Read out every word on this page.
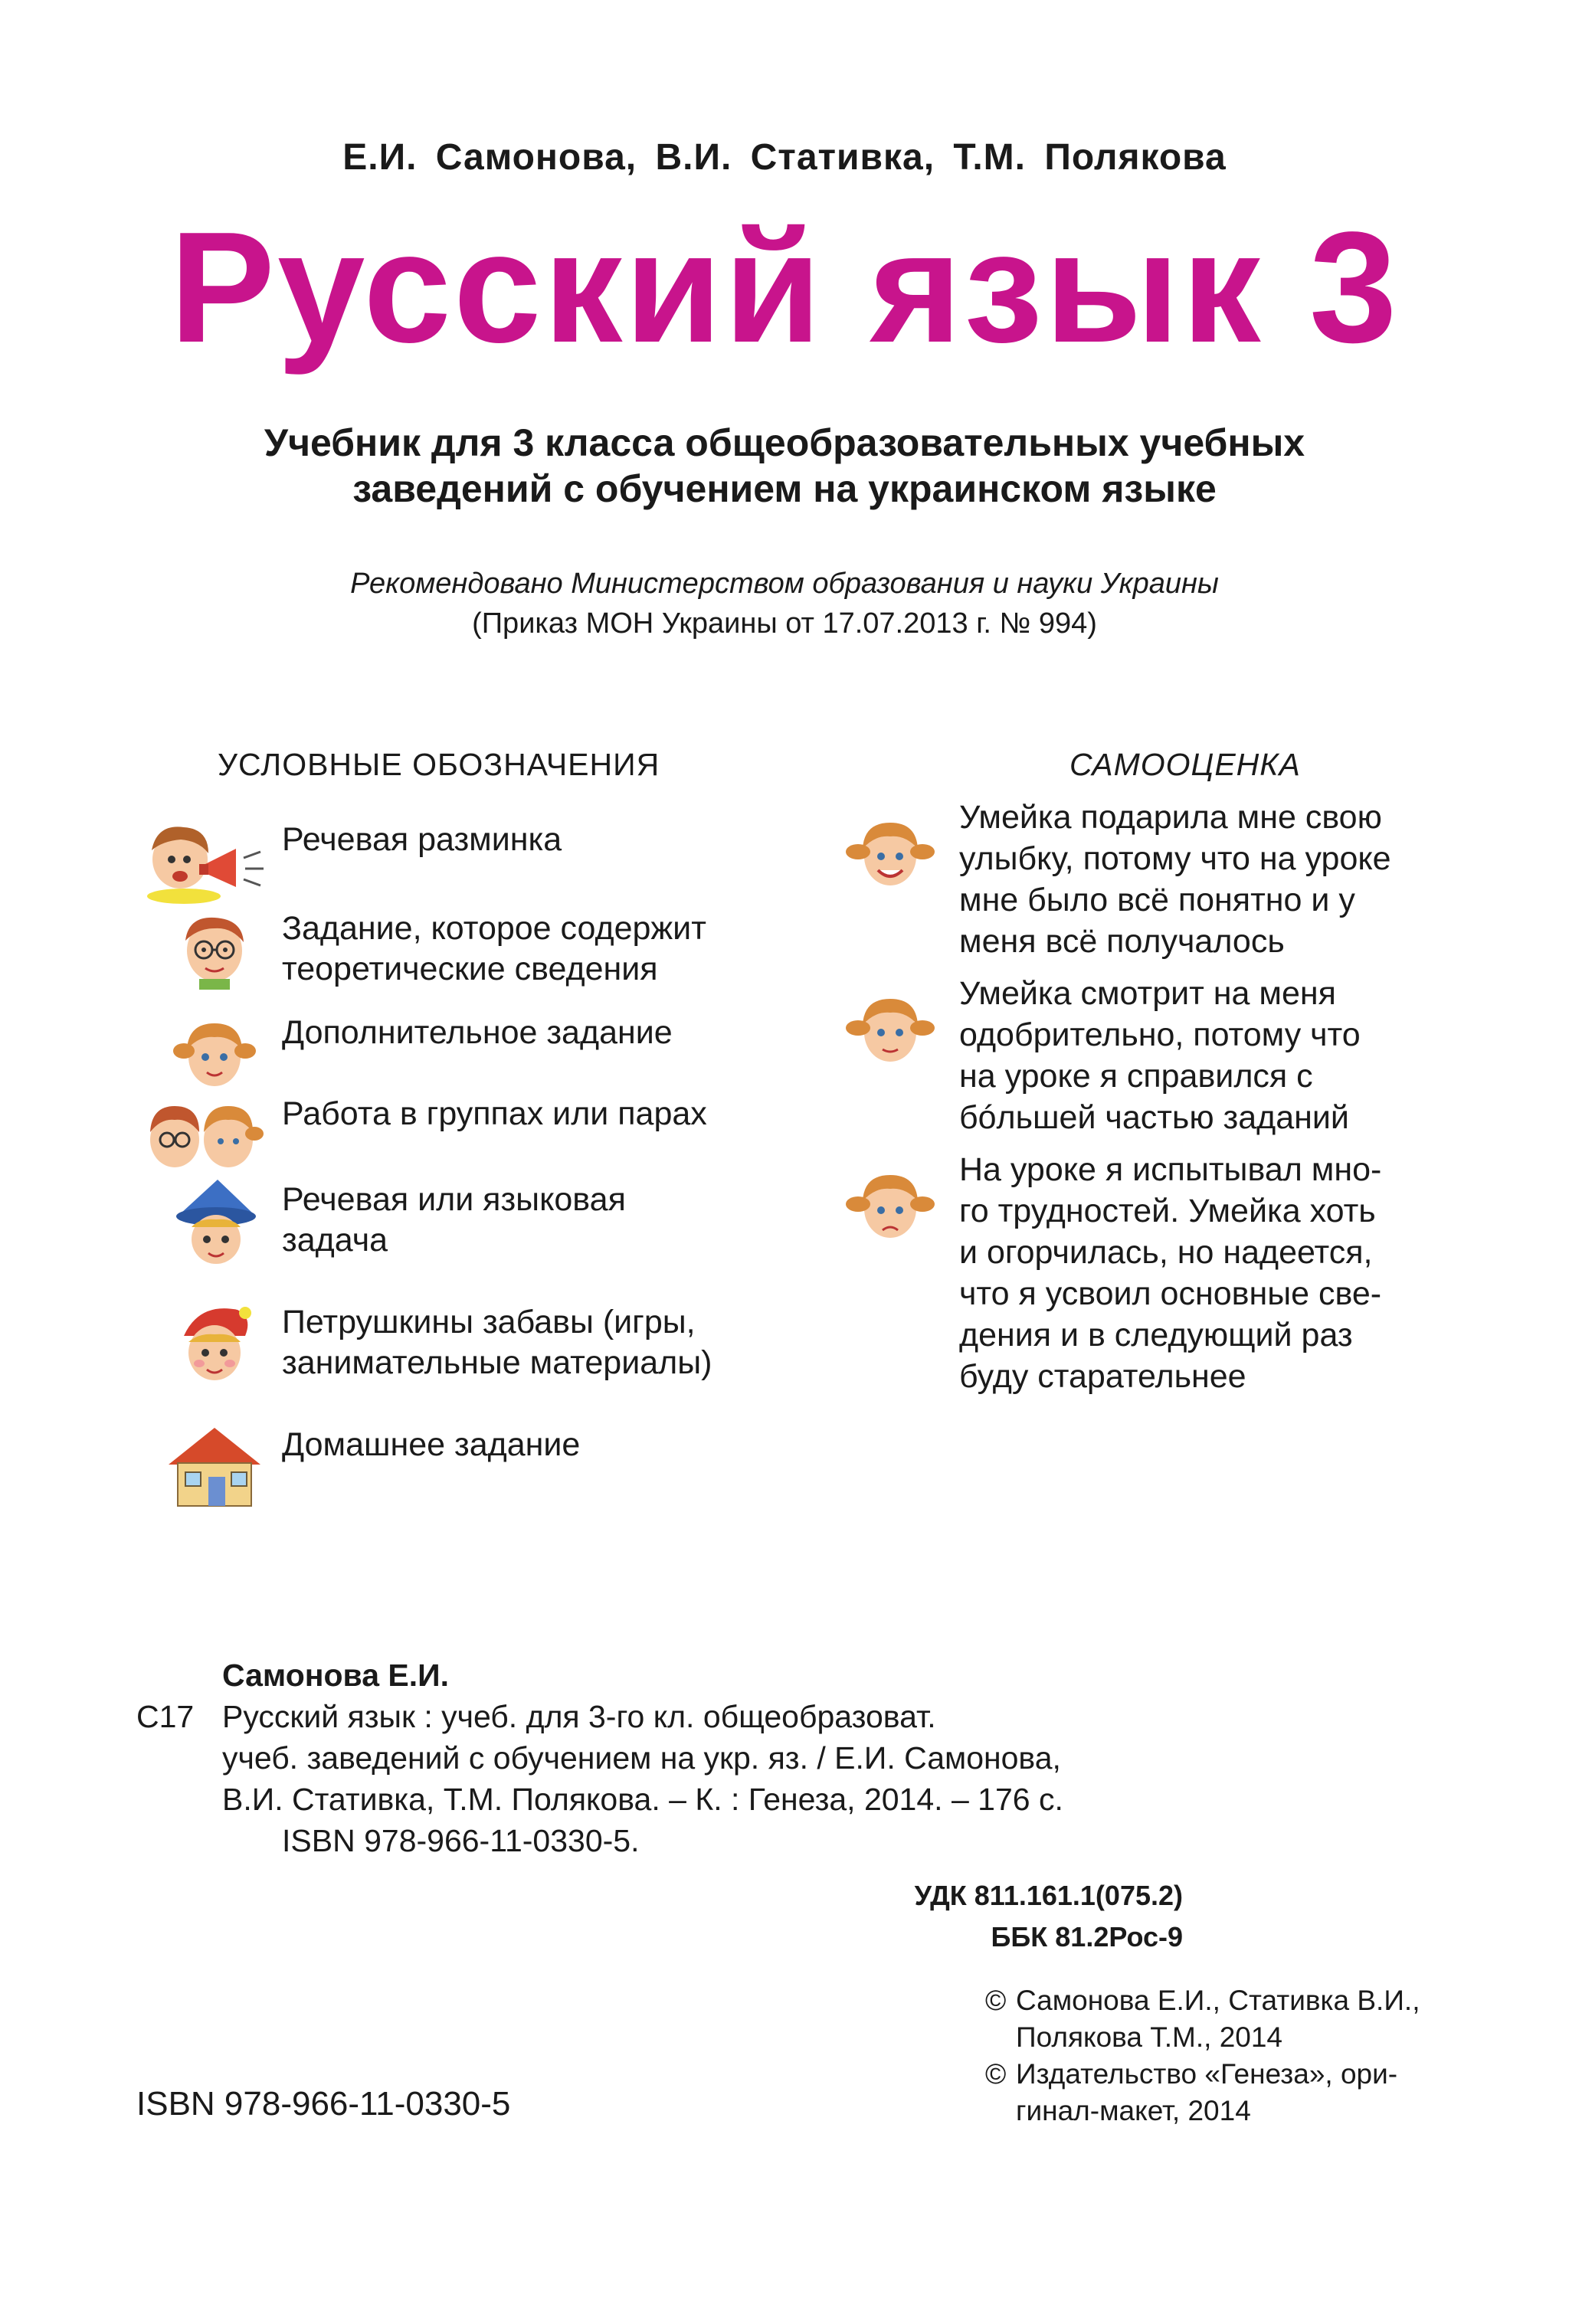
Е.И. Самонова, В.И. Стативка, Т.М. Полякова
Русский язык 3
Учебник для 3 класса общеобразовательных учебных
заведений с обучением на украинском языке
Рекомендовано Министерством образования и науки Украины
(Приказ МОН Украины от 17.07.2013 г. № 994)
УСЛОВНЫЕ ОБОЗНАЧЕНИЯ	САМООЦЕНКА
Речевая разминка
Задание, которое содержит
теоретические сведения
Дополнительное задание
Работа в группах или парах
Речевая или языковая
задача
Петрушкины забавы (игры,
занимательные материалы)
Домашнее задание
Умейка подарила мне свою
улыбку, потому что на уроке
мне было всё понятно и у
меня всё получалось
Умейка смотрит на меня
одобрительно, потому что
на уроке я справился с
бóльшей частью заданий
На уроке я испытывал мно-
го трудностей. Умейка хоть
и огорчилась, но надеется,
что я усвоил основные све-
дения и в следующий раз
буду старательнее
Самонова Е.И.
С17 Русский язык : учеб. для 3-го кл. общеобразоват.
учеб. заведений с обучением на укр. яз. / Е.И. Самонова,
В.И. Стативка, Т.М. Полякова. – К. : Генеза, 2014. – 176 с.
ISBN 978-966-11-0330-5.
УДК 811.161.1(075.2)
ББК 81.2Рос-9
© Самонова Е.И., Стативка В.И.,
Полякова Т.М., 2014
© Издательство «Генеза», ори-
гинал-макет, 2014
ISBN 978-966-11-0330-5
